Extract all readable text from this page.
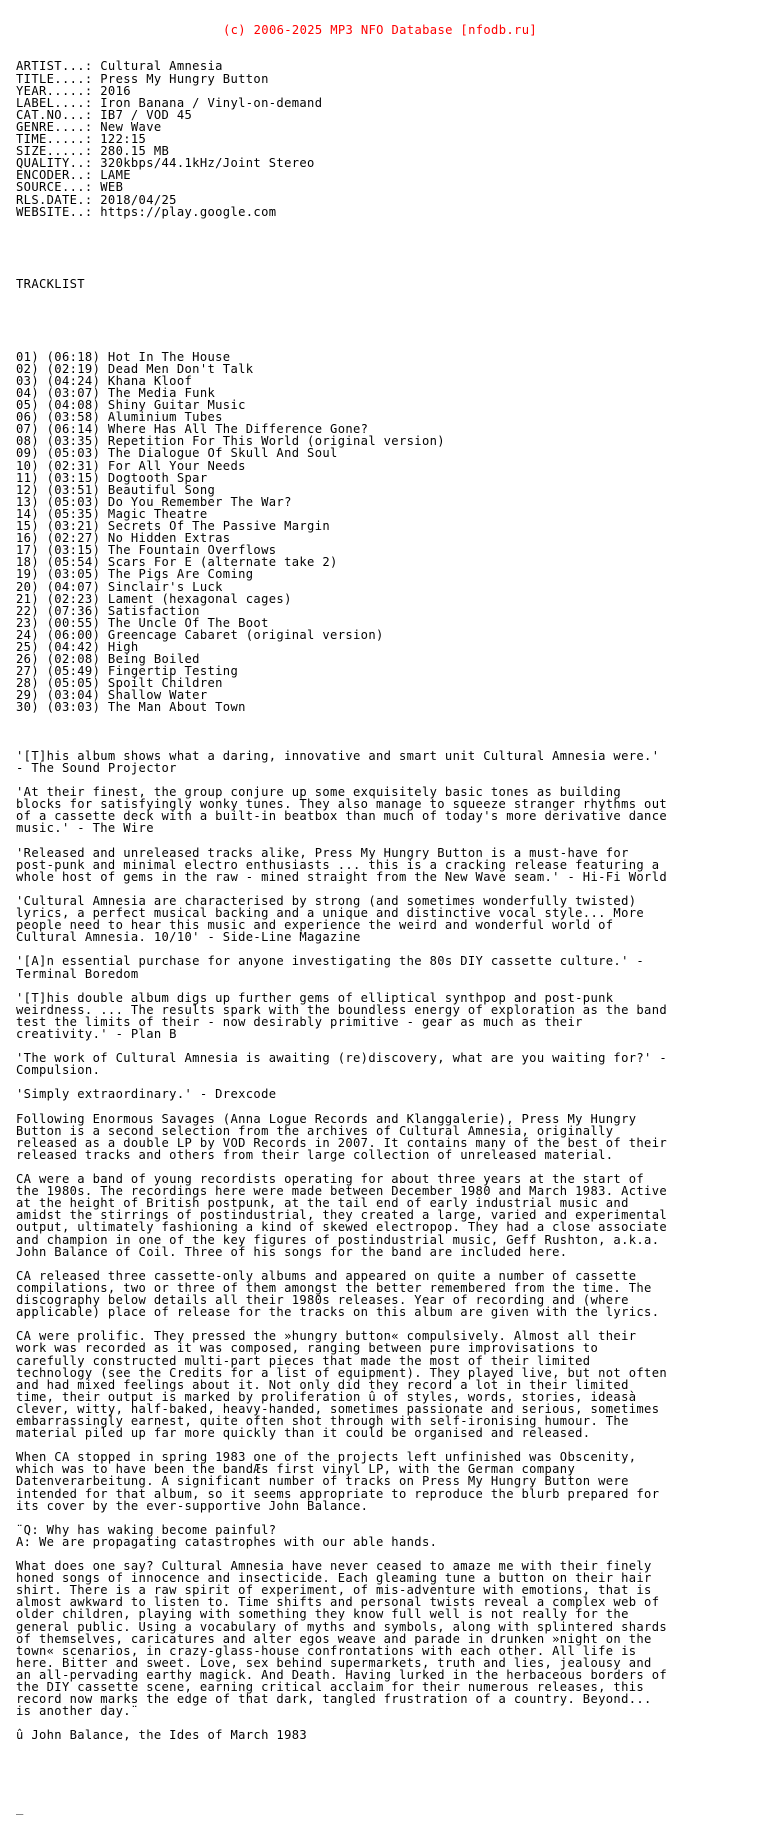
(c) 2006-2025 MP3 NFO Database [nfodb.ru]

ARTIST...: Cultural Amnesia
TITLE....: Press My Hungry Button
YEAR.....: 2016
LABEL....: Iron Banana / Vinyl-on-demand
CAT.NO...: IB7 / VOD 45
GENRE....: New Wave
TIME.....: 122:15
SIZE.....: 280.15 MB
QUALITY..: 320kbps/44.1kHz/Joint Stereo
ENCODER..: LAME
SOURCE...: WEB
RLS.DATE.: 2018/04/25
WEBSITE..: https://play.google.com

TRACKLIST

01) (06:18) Hot In The House
02) (02:19) Dead Men Don't Talk
03) (04:24) Khana Kloof
04) (03:07) The Media Funk
05) (04:08) Shiny Guitar Music
06) (03:58) Aluminium Tubes
07) (06:14) Where Has All The Difference Gone?
08) (03:35) Repetition For This World (original version)
09) (05:03) The Dialogue Of Skull And Soul
10) (02:31) For All Your Needs
11) (03:15) Dogtooth Spar
12) (03:51) Beautiful Song
13) (05:03) Do You Remember The War?
14) (05:35) Magic Theatre
15) (03:21) Secrets Of The Passive Margin
16) (02:27) No Hidden Extras
17) (03:15) The Fountain Overflows
18) (05:54) Scars For E (alternate take 2)
19) (03:05) The Pigs Are Coming
20) (04:07) Sinclair's Luck
21) (02:23) Lament (hexagonal cages)
22) (07:36) Satisfaction
23) (00:55) The Uncle Of The Boot
24) (06:00) Greencage Cabaret (original version)
25) (04:42) High
26) (02:08) Being Boiled
27) (05:49) Fingertip Testing
28) (05:05) Spoilt Children
29) (03:04) Shallow Water
30) (03:03) The Man About Town

'[T]his album shows what a daring, innovative and smart unit Cultural Amnesia were.'
- The Sound Projector
'At their finest, the group conjure up some exquisitely basic tones as building
blocks for satisfyingly wonky tunes. They also manage to squeeze stranger rhythms out
of a cassette deck with a built-in beatbox than much of today's more derivative dance
music.' - The Wire
'Released and unreleased tracks alike, Press My Hungry Button is a must-have for
post-punk and minimal electro enthusiasts ... this is a cracking release featuring a
whole host of gems in the raw - mined straight from the New Wave seam.' - Hi-Fi World
'Cultural Amnesia are characterised by strong (and sometimes wonderfully twisted)
lyrics, a perfect musical backing and a unique and distinctive vocal style... More
people need to hear this music and experience the weird and wonderful world of
Cultural Amnesia. 10/10' - Side-Line Magazine
'[A]n essential purchase for anyone investigating the 80s DIY cassette culture.' -
Terminal Boredom
'[T]his double album digs up further gems of elliptical synthpop and post-punk
weirdness. ... The results spark with the boundless energy of exploration as the band
test the limits of their - now desirably primitive - gear as much as their
creativity.' - Plan B
'The work of Cultural Amnesia is awaiting (re)discovery, what are you waiting for?' -
Compulsion.
'Simply extraordinary.' - Drexcode
Following Enormous Savages (Anna Logue Records and Klanggalerie), Press My Hungry
Button is a second selection from the archives of Cultural Amnesia, originally
released as a double LP by VOD Records in 2007. It contains many of the best of their
released tracks and others from their large collection of unreleased material.
CA were a band of young recordists operating for about three years at the start of
the 1980s. The recordings here were made between December 1980 and March 1983. Active
at the height of British postpunk, at the tail end of early industrial music and
amidst the stirrings of postindustrial, they created a large, varied and experimental
output, ultimately fashioning a kind of skewed electropop. They had a close associate
and champion in one of the key figures of postindustrial music, Geff Rushton, a.k.a.
John Balance of Coil. Three of his songs for the band are included here.
CA released three cassette-only albums and appeared on quite a number of cassette
compilations, two or three of them amongst the better remembered from the time. The
discography below details all their 1980s releases. Year of recording and (where
applicable) place of release for the tracks on this album are given with the lyrics.
CA were prolific. They pressed the »hungry button« compulsively. Almost all their
work was recorded as it was composed, ranging between pure improvisations to
carefully constructed multi-part pieces that made the most of their limited
technology (see the Credits for a list of equipment). They played live, but not often
and had mixed feelings about it. Not only did they record a lot in their limited
time, their output is marked by proliferation û of styles, words, stories, ideasà
clever, witty, half-baked, heavy-handed, sometimes passionate and serious, sometimes
embarrassingly earnest, quite often shot through with self-ironising humour. The
material piled up far more quickly than it could be organised and released.
When CA stopped in spring 1983 one of the projects left unfinished was Obscenity,
which was to have been the bandÆs first vinyl LP, with the German company
Datenverarbeitung. A significant number of tracks on Press My Hungry Button were
intended for that album, so it seems appropriate to reproduce the blurb prepared for
its cover by the ever-supportive John Balance.
¨Q: Why has waking become painful?
A: We are propagating catastrophes with our able hands.
What does one say? Cultural Amnesia have never ceased to amaze me with their finely
honed songs of innocence and insecticide. Each gleaming tune a button on their hair
shirt. There is a raw spirit of experiment, of mis-adventure with emotions, that is
almost awkward to listen to. Time shifts and personal twists reveal a complex web of
older children, playing with something they know full well is not really for the
general public. Using a vocabulary of myths and symbols, along with splintered shards
of themselves, caricatures and alter egos weave and parade in drunken »night on the
town« scenarios, in crazy-glass-house confrontations with each other. All life is
here. Bitter and sweet. Love, sex behind supermarkets, truth and lies, jealousy and
an all-pervading earthy magick. And Death. Having lurked in the herbaceous borders of
the DIY cassette scene, earning critical acclaim for their numerous releases, this
record now marks the edge of that dark, tangled frustration of a country. Beyond...
is another day.¨
û John Balance, the Ides of March 1983

_
